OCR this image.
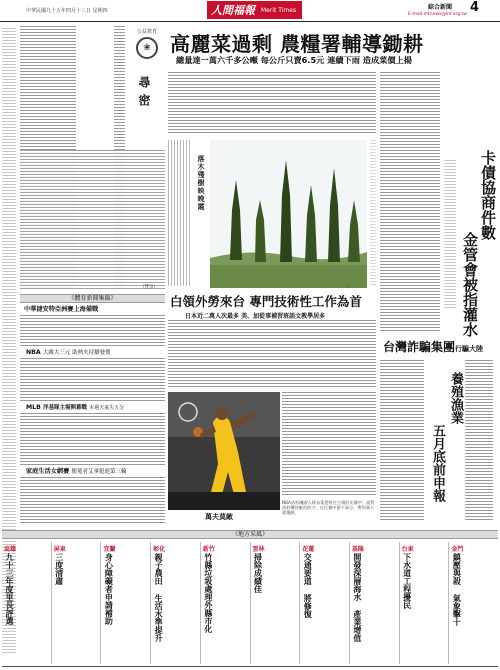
中華民國九十五年四月十三日 星期四	人間福報 Merit Times	綜合新聞 4
E-mail:mtnews@lnf.org.tw
公益教育
❀
尋密
（梵宗）
《體育新聞集錦》
中華捷安特亞洲賽上海備戰
NBA 大敵大三元 助熱火持續發燙
MLB 洋基隊主場開幕戰 本週天氣失五分
家庭生活女網賽 衛冕者艾拿挺進第三輪
高麗菜過剩 農糧署輔導鋤耕
總量達一萬六千多公噸 每公斤只賣6.5元 連續下雨 造成菜價上揚
落木殘樹映晚霞
（
白領外勞來台 專門技術性工作為首
日本近二萬人次最多 美、加從事補習班語文教學居多
萬夫莫敵
NBA洛杉磯湖人隊布萊恩特在主場的比賽中，面對洛杉磯快艇的防守，在比賽中搶下高分，帶領湖人隊獲勝。
卡債協商件數
金管會被指灌水
台灣詐騙集團行騙大陸
養殖漁業
五月底前申報
《地方采風》
高雄
九十三年度里長評選
屏東
三度清肅
宜蘭
身心障礙者申請補助
彰化
親子農田 生活水準提升
新竹
竹縣垃圾處理外縣市化
雲林
掃除成績佳
花蓮
交通要道 將修復
基隆
開發深層海水 產業增值
台東
下水道工程擾民
金門
鎮壓與殺 氣象擊十
